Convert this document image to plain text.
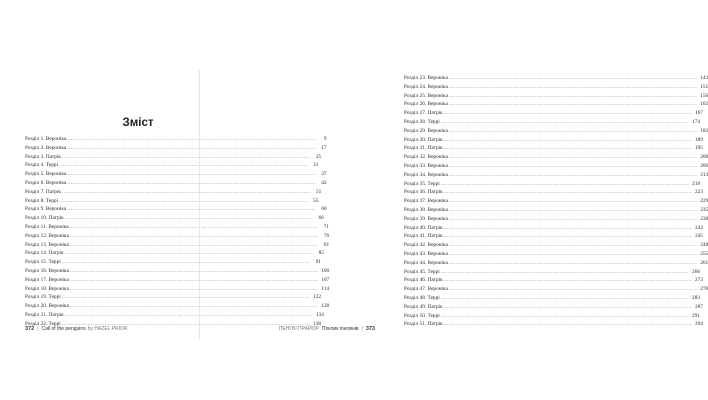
Зміст
Розділ 1. Вероніка .....	9
Розділ 2. Вероніка .....	17
Розділ 3. Патрік .....	25
Розділ 4. Террі .....	31
Розділ 5. Вероніка .....	37
Розділ 6. Вероніка .....	42
Розділ 7. Патрік .....	51
Розділ 8. Террі .....	55
Розділ 9. Вероніка .....	60
Розділ 10. Патрік .....	66
Розділ 11. Вероніка .....	71
Розділ 12. Вероніка .....	76
Розділ 13. Вероніка .....	81
Розділ 14. Патрік .....	85
Розділ 15. Террі .....	91
Розділ 16. Вероніка .....	100
Розділ 17. Вероніка .....	107
Розділ 18. Вероніка .....	114
Розділ 19. Террі .....	122
Розділ 20. Вероніка .....	128
Розділ 21. Патрік .....	134
Розділ 22. Террі .....	138
372 | Call of the penguins by HAZEL PRIOR
Розділ 23. Вероніка .....	143
Розділ 24. Вероніка .....	151
Розділ 25. Вероніка .....	156
Розділ 26. Вероніка .....	162
Розділ 27. Патрік .....	167
Розділ 28. Террі .....	174
Розділ 29. Вероніка .....	183
Розділ 30. Патрік .....	189
Розділ 31. Патрік .....	195
Розділ 32. Вероніка .....	200
Розділ 33. Вероніка .....	206
Розділ 34. Вероніка .....	213
Розділ 35. Террі .....	218
Розділ 36. Патрік .....	223
Розділ 37. Вероніка .....	229
Розділ 38. Вероніка .....	235
Розділ 39. Вероніка .....	238
Розділ 40. Патрік .....	242
Розділ 41. Патрік .....	245
Розділ 42. Вероніка .....	248
Розділ 43. Вероніка .....	255
Розділ 44. Вероніка .....	261
Розділ 45. Террі .....	266
Розділ 46. Патрік .....	273
Розділ 47. Вероніка .....	278
Розділ 48. Террі .....	283
Розділ 49. Патрік .....	287
Розділ 50. Террі .....	291
Розділ 51. Патрік .....	294
ПЕНГВІ ПРАЙОР Поклик пінгвінів | 373
